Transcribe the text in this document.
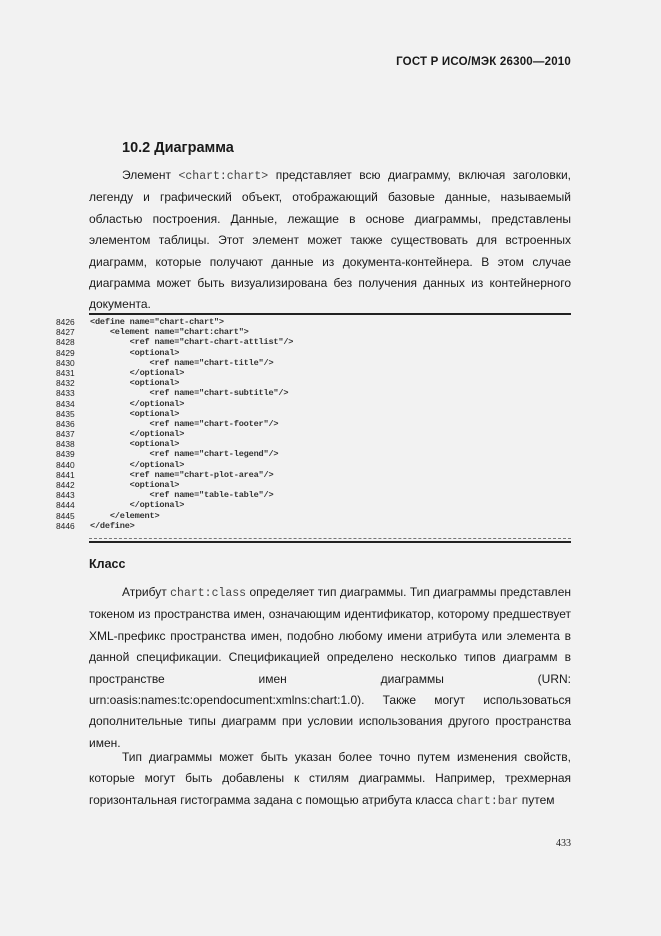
ГОСТ Р ИСО/МЭК 26300—2010
10.2 Диаграмма

Элемент <chart:chart> представляет всю диаграмму, включая заголовки, легенду и графический объект, отображающий базовые данные, называемый областью построения. Данные, лежащие в основе диаграммы, представлены элементом таблицы. Этот элемент может также существовать для встроенных диаграмм, которые получают данные из документа-контейнера. В этом случае диаграмма может быть визуализирована без получения данных из контейнерного документа.

8426	<define name="chart-chart">
8427	<element name="chart:chart">
8428	<ref name="chart-chart-attlist"/>
8429	<optional>
8430	<ref name="chart-title"/>
8431	</optional>
8432	<optional>
8433	<ref name="chart-subtitle"/>
8434	</optional>
8435	<optional>
8436	<ref name="chart-footer"/>
8437	</optional>
8438	<optional>
8439	<ref name="chart-legend"/>
8440	</optional>
8441	<ref name="chart-plot-area"/>
8442	<optional>
8443	<ref name="table-table"/>
8444	</optional>
8445	</element>
8446	</define>
Класс

Атрибут chart:class определяет тип диаграммы. Тип диаграммы представлен токеном из пространства имен, означающим идентификатор, которому предшествует XML-префикс пространства имен, подобно любому имени атрибута или элемента в данной спецификации. Спецификацией определено несколько типов диаграмм в пространстве имен диаграммы (URN: urn:oasis:names:tc:opendocument:xmlns:chart:1.0). Также могут использоваться дополнительные типы диаграмм при условии использования другого пространства имен.

Тип диаграммы может быть указан более точно путем изменения свойств, которые могут быть добавлены к стилям диаграммы. Например, трехмерная горизонтальная гистограмма задана с помощью атрибута класса chart:bar путем

433
